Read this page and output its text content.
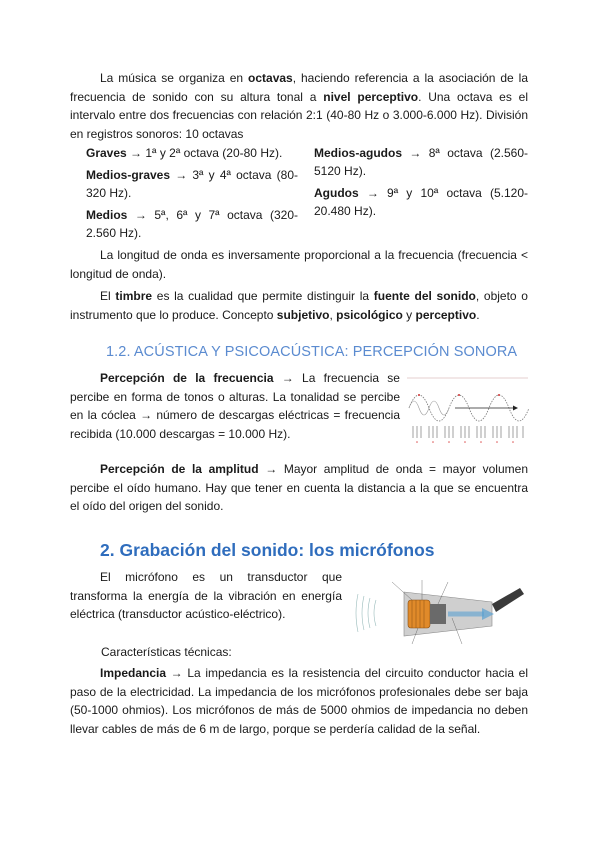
La música se organiza en octavas, haciendo referencia a la asociación de la frecuencia de sonido con su altura tonal a nivel perceptivo. Una octava es el intervalo entre dos frecuencias con relación 2:1 (40-80 Hz o 3.000-6.000 Hz). División en registros sonoros: 10 octavas

Graves → 1ª y 2ª octava (20-80 Hz).

Medios-graves → 3ª y 4ª octava (80-320 Hz).

Medios → 5ª, 6ª y 7ª octava (320-2.560 Hz).

Medios-agudos → 8ª octava (2.560-5120 Hz).

Agudos → 9ª y 10ª octava (5.120-20.480 Hz).

La longitud de onda es inversamente proporcional a la frecuencia (frecuencia < longitud de onda).

El timbre es la cualidad que permite distinguir la fuente del sonido, objeto o instrumento que lo produce. Concepto subjetivo, psicológico y perceptivo.

1.2. ACÚSTICA Y PSICOACÚSTICA: PERCEPCIÓN SONORA

Percepción de la frecuencia → La frecuencia se percibe en forma de tonos o alturas. La tonalidad se percibe en la cóclea → número de descargas eléctricas = frecuencia recibida (10.000 descargas = 10.000 Hz).

Percepción de la amplitud → Mayor amplitud de onda = mayor volumen percibe el oído humano. Hay que tener en cuenta la distancia a la que se encuentra el oído del origen del sonido.

2. Grabación del sonido: los micrófonos

El micrófono es un transductor que transforma la energía de la vibración en energía eléctrica (transductor acústico-eléctrico).

Características técnicas:

Impedancia → La impedancia es la resistencia del circuito conductor hacia el paso de la electricidad. La impedancia de los micrófonos profesionales debe ser baja (50-1000 ohmios). Los micrófonos de más de 5000 ohmios de impedancia no deben llevar cables de más de 6 m de largo, porque se perdería calidad de la señal.
